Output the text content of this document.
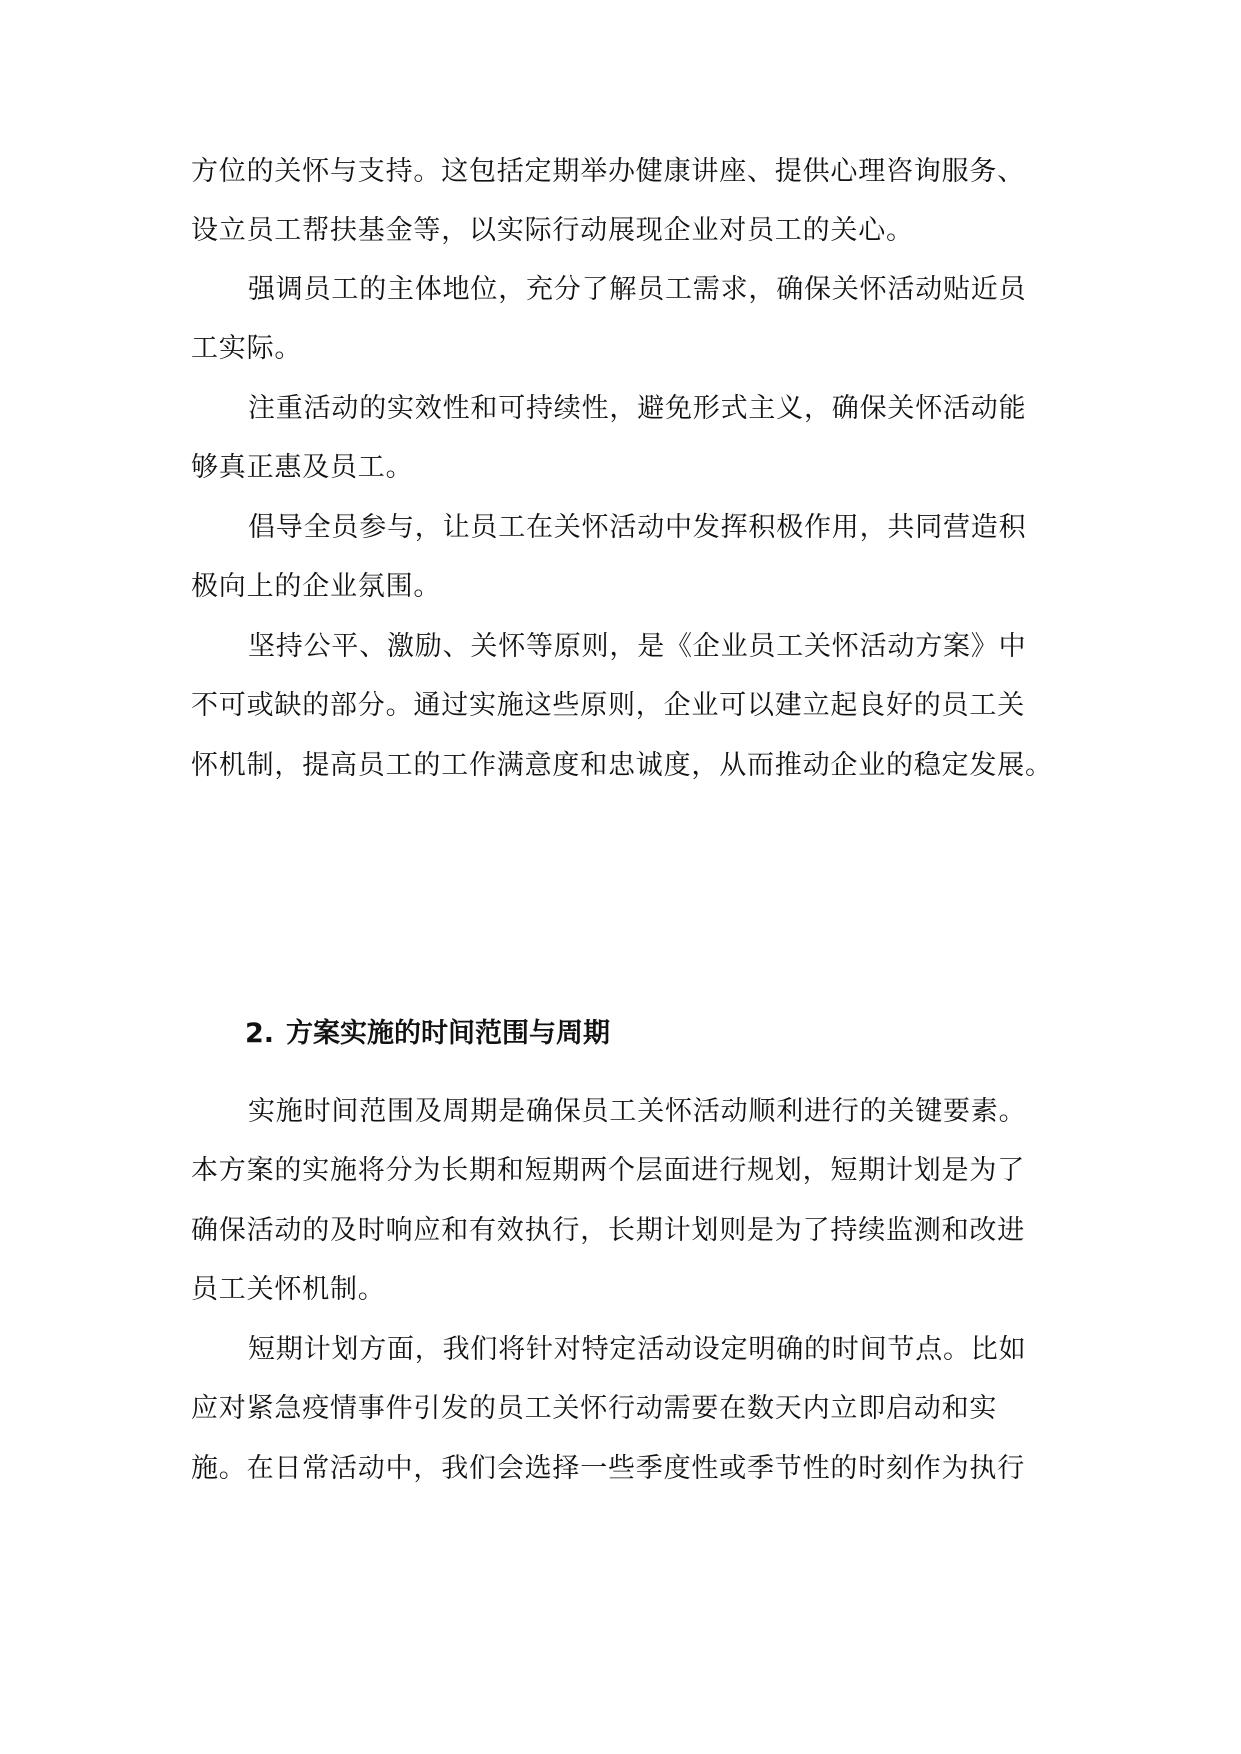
方位的关怀与支持。这包括定期举办健康讲座、提供心理咨询服务、
设立员工帮扶基金等，以实际行动展现企业对员工的关心。
强调员工的主体地位，充分了解员工需求，确保关怀活动贴近员
工实际。
注重活动的实效性和可持续性，避免形式主义，确保关怀活动能
够真正惠及员工。
倡导全员参与，让员工在关怀活动中发挥积极作用，共同营造积
极向上的企业氛围。
坚持公平、激励、关怀等原则，是《企业员工关怀活动方案》中
不可或缺的部分。通过实施这些原则，企业可以建立起良好的员工关
怀机制，提高员工的工作满意度和忠诚度，从而推动企业的稳定发展。
2. 方案实施的时间范围与周期
实施时间范围及周期是确保员工关怀活动顺利进行的关键要素。
本方案的实施将分为长期和短期两个层面进行规划，短期计划是为了
确保活动的及时响应和有效执行，长期计划则是为了持续监测和改进
员工关怀机制。
短期计划方面，我们将针对特定活动设定明确的时间节点。比如
应对紧急疫情事件引发的员工关怀行动需要在数天内立即启动和实
施。在日常活动中，我们会选择一些季度性或季节性的时刻作为执行
